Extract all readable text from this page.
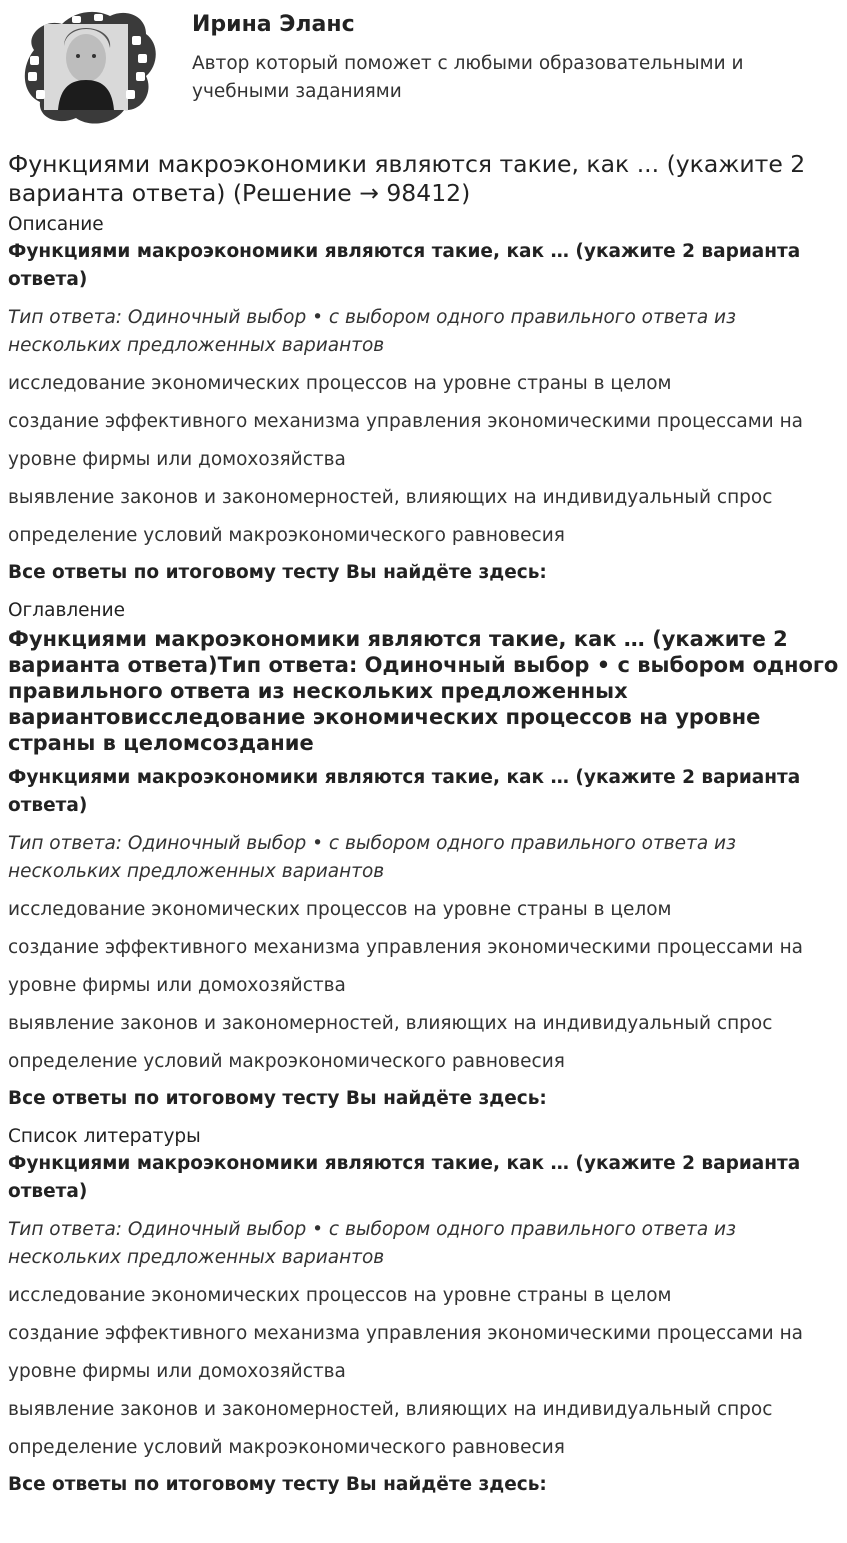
Ирина Эланс

Автор который поможет с любыми образовательными и учебными заданиями

Функциями макроэкономики являются такие, как ... (укажите 2 варианта ответа) (Решение → 98412)

Описание

Функциями макроэкономики являются такие, как … (укажите 2 варианта ответа)

Тип ответа: Одиночный выбор • с выбором одного правильного ответа из нескольких предложенных вариантов

исследование экономических процессов на уровне страны в целом

создание эффективного механизма управления экономическими процессами на

уровне фирмы или домохозяйства

выявление законов и закономерностей, влияющих на индивидуальный спрос

определение условий макроэкономического равновесия

Все ответы по итоговому тесту Вы найдёте здесь:

Оглавление

Функциями макроэкономики являются такие, как … (укажите 2 варианта ответа)Тип ответа: Одиночный выбор • с выбором одного правильного ответа из нескольких предложенных вариантовисследование экономических процессов на уровне страны в целомсоздание

Функциями макроэкономики являются такие, как … (укажите 2 варианта ответа)

Тип ответа: Одиночный выбор • с выбором одного правильного ответа из нескольких предложенных вариантов

исследование экономических процессов на уровне страны в целом

создание эффективного механизма управления экономическими процессами на

уровне фирмы или домохозяйства

выявление законов и закономерностей, влияющих на индивидуальный спрос

определение условий макроэкономического равновесия

Все ответы по итоговому тесту Вы найдёте здесь:

Список литературы

Функциями макроэкономики являются такие, как … (укажите 2 варианта ответа)

Тип ответа: Одиночный выбор • с выбором одного правильного ответа из нескольких предложенных вариантов

исследование экономических процессов на уровне страны в целом

создание эффективного механизма управления экономическими процессами на

уровне фирмы или домохозяйства

выявление законов и закономерностей, влияющих на индивидуальный спрос

определение условий макроэкономического равновесия

Все ответы по итоговому тесту Вы найдёте здесь:
